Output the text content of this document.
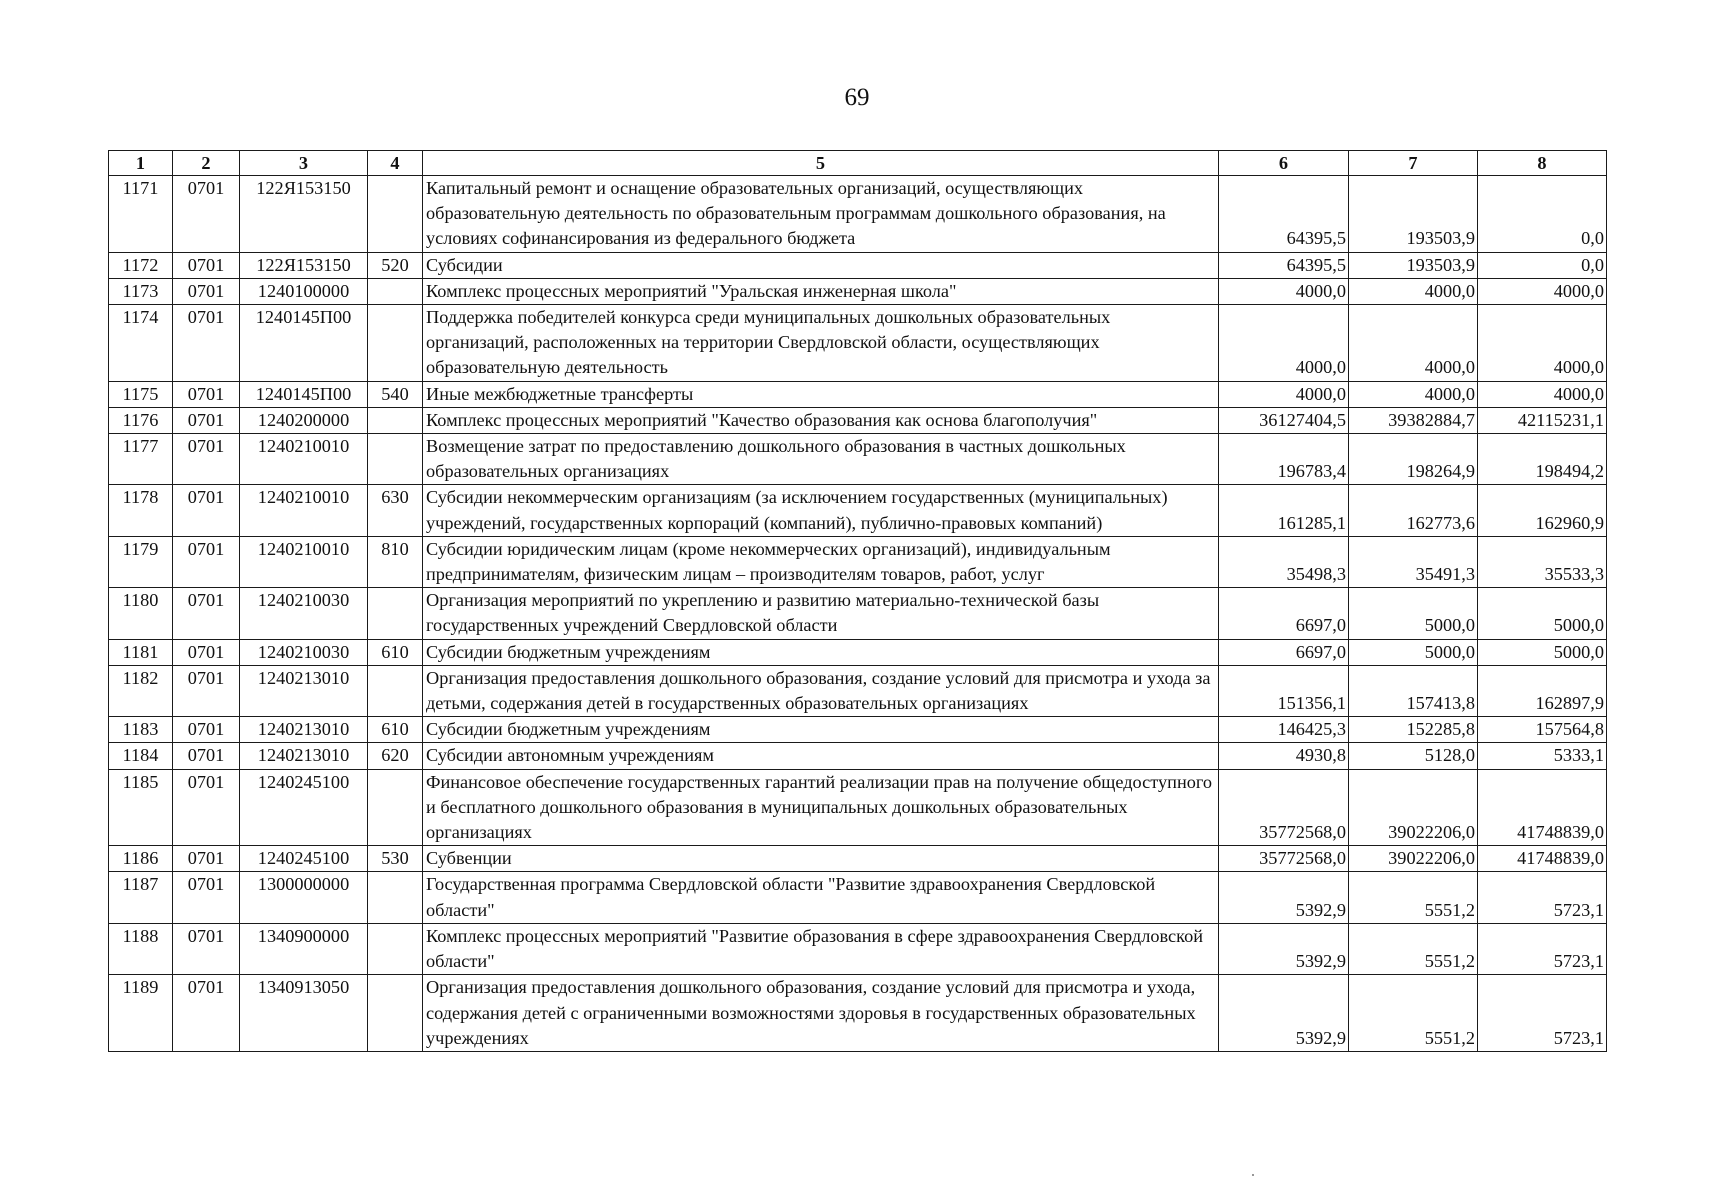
69
1	2	3	4	5	6	7	8
1171	0701	122Я153150		Капитальный ремонт и оснащение образовательных организаций, осуществляющих образовательную деятельность по образовательным программам дошкольного образования, на условиях софинансирования из федерального бюджета	64395,5	193503,9	0,0
1172	0701	122Я153150	520	Субсидии	64395,5	193503,9	0,0
1173	0701	1240100000		Комплекс процессных мероприятий "Уральская инженерная школа"	4000,0	4000,0	4000,0
1174	0701	1240145П00		Поддержка победителей конкурса среди муниципальных дошкольных образовательных организаций, расположенных на территории Свердловской области, осуществляющих образовательную деятельность	4000,0	4000,0	4000,0
1175	0701	1240145П00	540	Иные межбюджетные трансферты	4000,0	4000,0	4000,0
1176	0701	1240200000		Комплекс процессных мероприятий "Качество образования как основа благополучия"	36127404,5	39382884,7	42115231,1
1177	0701	1240210010		Возмещение затрат по предоставлению дошкольного образования в частных дошкольных образовательных организациях	196783,4	198264,9	198494,2
1178	0701	1240210010	630	Субсидии некоммерческим организациям (за исключением государственных (муниципальных) учреждений, государственных корпораций (компаний), публично-правовых компаний)	161285,1	162773,6	162960,9
1179	0701	1240210010	810	Субсидии юридическим лицам (кроме некоммерческих организаций), индивидуальным предпринимателям, физическим лицам – производителям товаров, работ, услуг	35498,3	35491,3	35533,3
1180	0701	1240210030		Организация мероприятий по укреплению и развитию материально-технической базы государственных учреждений Свердловской области	6697,0	5000,0	5000,0
1181	0701	1240210030	610	Субсидии бюджетным учреждениям	6697,0	5000,0	5000,0
1182	0701	1240213010		Организация предоставления дошкольного образования, создание условий для присмотра и ухода за детьми, содержания детей в государственных образовательных организациях	151356,1	157413,8	162897,9
1183	0701	1240213010	610	Субсидии бюджетным учреждениям	146425,3	152285,8	157564,8
1184	0701	1240213010	620	Субсидии автономным учреждениям	4930,8	5128,0	5333,1
1185	0701	1240245100		Финансовое обеспечение государственных гарантий реализации прав на получение общедоступного и бесплатного дошкольного образования в муниципальных дошкольных образовательных организациях	35772568,0	39022206,0	41748839,0
1186	0701	1240245100	530	Субвенции	35772568,0	39022206,0	41748839,0
1187	0701	1300000000		Государственная программа Свердловской области "Развитие здравоохранения Свердловской области"	5392,9	5551,2	5723,1
1188	0701	1340900000		Комплекс процессных мероприятий "Развитие образования в сфере здравоохранения Свердловской области"	5392,9	5551,2	5723,1
1189	0701	1340913050		Организация предоставления дошкольного образования, создание условий для присмотра и ухода, содержания детей с ограниченными возможностями здоровья в государственных образовательных учреждениях	5392,9	5551,2	5723,1
